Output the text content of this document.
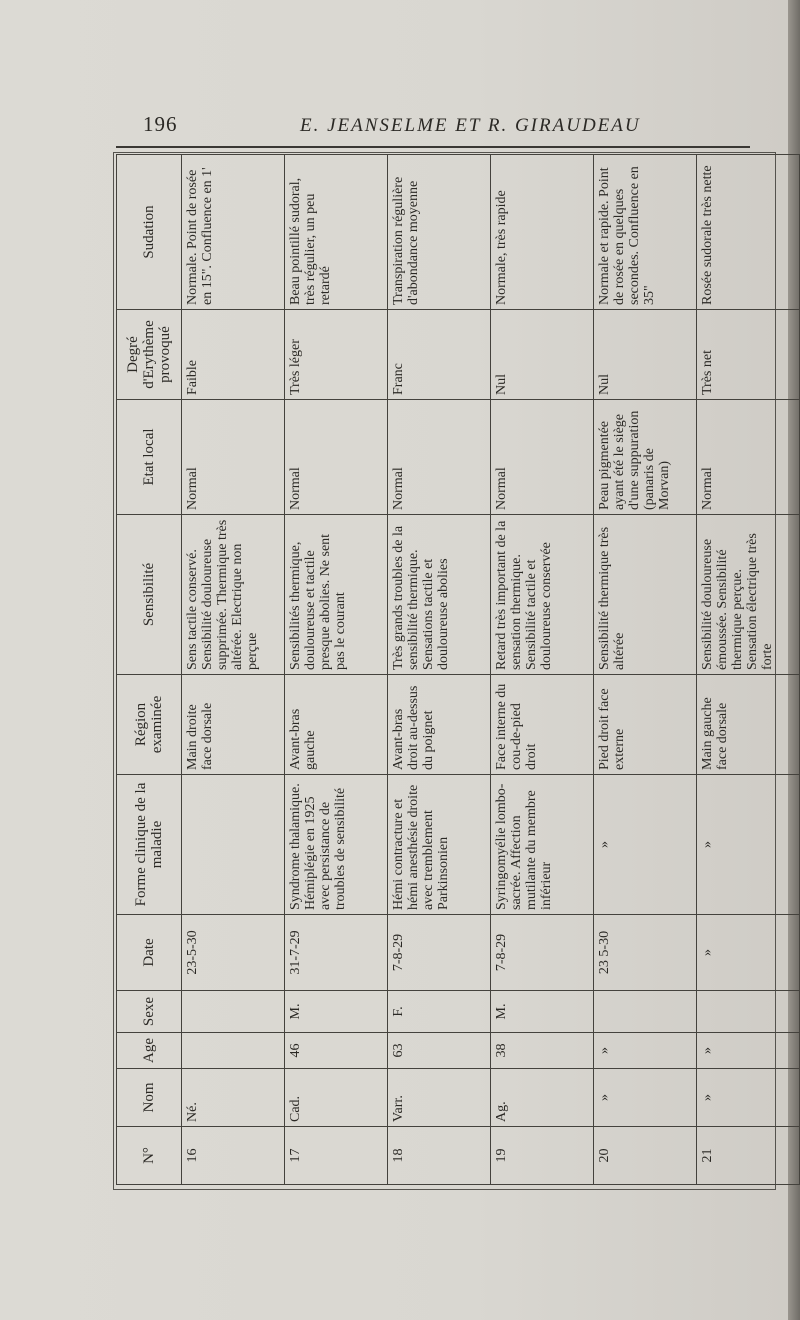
196	E. JEANSELME ET R. GIRAUDEAU
N°	Nom	Age	Sexe	Date	Forme clinique de la maladie	Région examinée	Sensibilité	Etat local	Degré d'Erythème provoqué	Sudation
16	Né.			23-5-30		Main droite face dorsale	Sens tactile conservé. Sensibilité douloureuse supprimée. Thermique très altérée. Electrique non perçue	Normal	Faible	Normale. Point de rosée en 15". Confluence en 1'
17	Cad.	46	M.	31-7-29	Syndrome thalamique. Hémiplégie en 1925 avec persistance de troubles de sensibilité	Avant-bras gauche	Sensibilités thermique, douloureuse et tactile presque abolies. Ne sent pas le courant	Normal	Très léger	Beau pointillé sudoral, très régulier, un peu retardé
18	Varr.	63	F.	7-8-29	Hémi contracture et hémi anesthésie droite avec tremblement Parkinsonien	Avant-bras droit au-dessus du poignet	Très grands troubles de la sensibilité thermique. Sensations tactile et douloureuse abolies	Normal	Franc	Transpiration régulière d'abondance moyenne
19	Ag.	38	M.	7-8-29	Syringomyélie lombo-sacrée. Affection mutilante du membre inférieur	Face interne du cou-de-pied droit	Retard très important de la sensation thermique. Sensibilité tactile et douloureuse conservée	Normal	Nul	Normale, très rapide
20	»	»		23 5-30	»	Pied droit face externe	Sensibilité thermique très altérée	Peau pigmentée ayant été le siège d'une suppuration (panaris de Morvan)	Nul	Normale et rapide. Point de rosée en quelques secondes. Confluence en 35"
21	»	»		»	»	Main gauche face dorsale	Sensibilité douloureuse émoussée. Sensibilité thermique perçue. Sensation électrique très forte	Normal	Très net	Rosée sudorale très nette
